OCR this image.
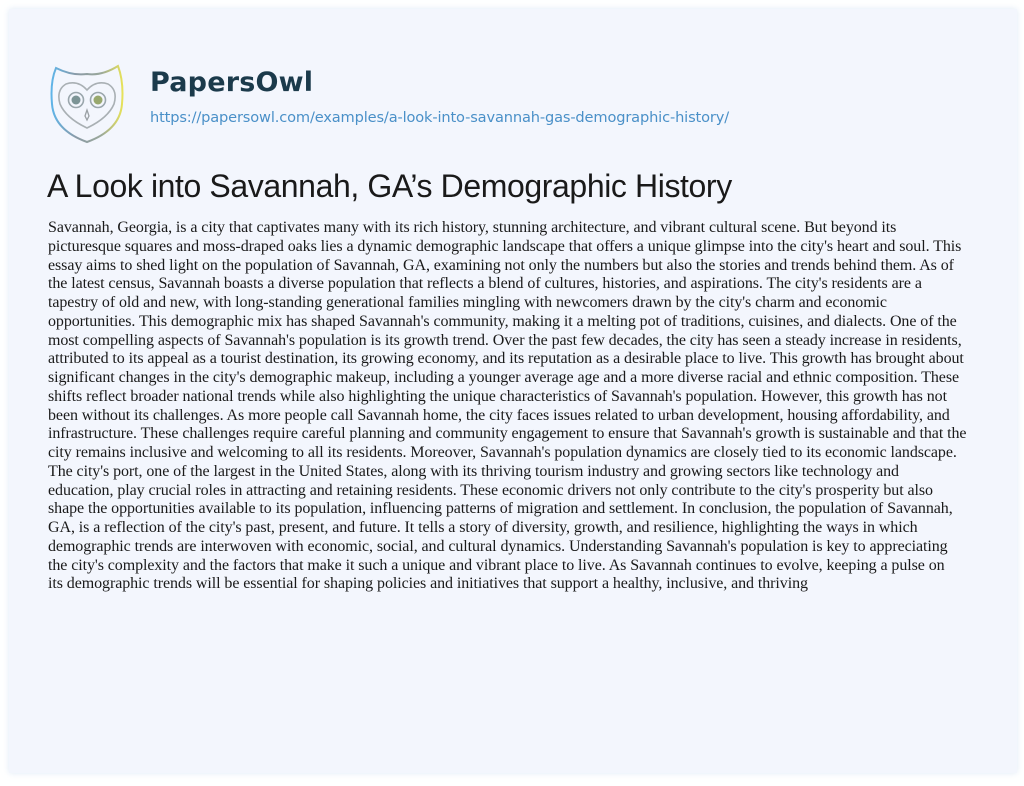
PapersOwl
https://papersowl.com/examples/a-look-into-savannah-gas-demographic-history/
A Look into Savannah, GA’s Demographic History
Savannah, Georgia, is a city that captivates many with its rich history, stunning architecture, and vibrant cultural scene. But beyond its
picturesque squares and moss-draped oaks lies a dynamic demographic landscape that offers a unique glimpse into the city's heart and soul. This
essay aims to shed light on the population of Savannah, GA, examining not only the numbers but also the stories and trends behind them. As of
the latest census, Savannah boasts a diverse population that reflects a blend of cultures, histories, and aspirations. The city's residents are a
tapestry of old and new, with long-standing generational families mingling with newcomers drawn by the city's charm and economic
opportunities. This demographic mix has shaped Savannah's community, making it a melting pot of traditions, cuisines, and dialects. One of the
most compelling aspects of Savannah's population is its growth trend. Over the past few decades, the city has seen a steady increase in residents,
attributed to its appeal as a tourist destination, its growing economy, and its reputation as a desirable place to live. This growth has brought about
significant changes in the city's demographic makeup, including a younger average age and a more diverse racial and ethnic composition. These
shifts reflect broader national trends while also highlighting the unique characteristics of Savannah's population. However, this growth has not
been without its challenges. As more people call Savannah home, the city faces issues related to urban development, housing affordability, and
infrastructure. These challenges require careful planning and community engagement to ensure that Savannah's growth is sustainable and that the
city remains inclusive and welcoming to all its residents. Moreover, Savannah's population dynamics are closely tied to its economic landscape.
The city's port, one of the largest in the United States, along with its thriving tourism industry and growing sectors like technology and
education, play crucial roles in attracting and retaining residents. These economic drivers not only contribute to the city's prosperity but also
shape the opportunities available to its population, influencing patterns of migration and settlement. In conclusion, the population of Savannah,
GA, is a reflection of the city's past, present, and future. It tells a story of diversity, growth, and resilience, highlighting the ways in which
demographic trends are interwoven with economic, social, and cultural dynamics. Understanding Savannah's population is key to appreciating
the city's complexity and the factors that make it such a unique and vibrant place to live. As Savannah continues to evolve, keeping a pulse on
its demographic trends will be essential for shaping policies and initiatives that support a healthy, inclusive, and thriving
